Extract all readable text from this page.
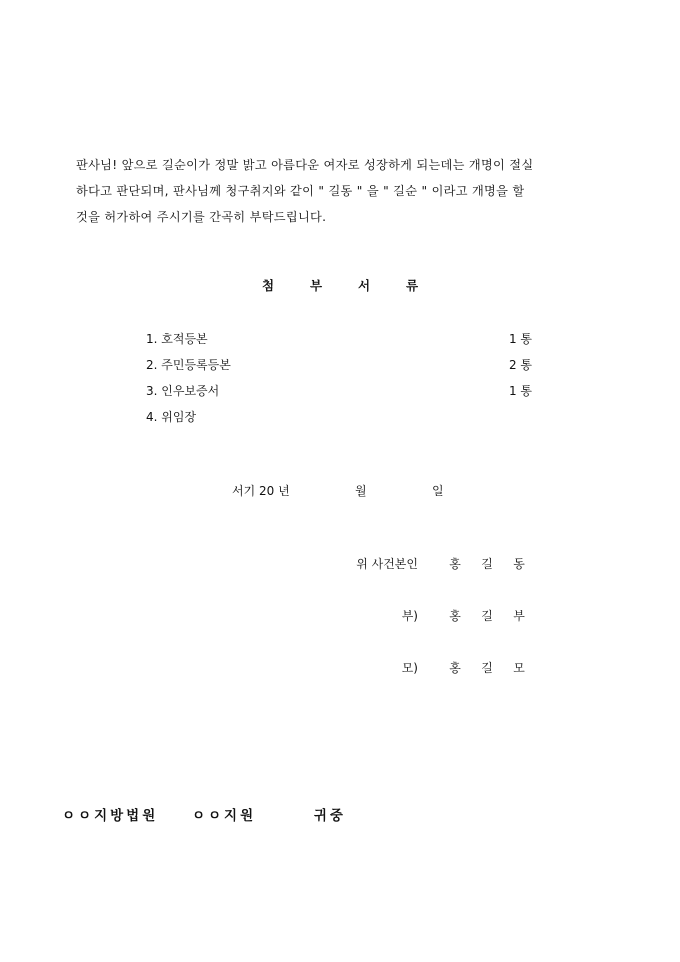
판사님! 앞으로 길순이가 정말 밝고 아름다운 여자로 성장하게 되는데는 개명이 절실
하다고 판단되며, 판사님께 청구취지와 같이 " 길동 " 을 " 길순 " 이라고 개명을 할
것을 허가하여 주시기를 간곡히 부탁드립니다.
첨	부	서	류
1. 호적등본	1 통
2. 주민등록등본	2 통
3. 인우보증서	1 통
4. 위임장
서기 20 년	월	일
위 사건본인	홍 길 동
부)	홍 길 부
모)	홍 길 모
ㅇㅇ지방법원 ㅇㅇ지원	귀중
